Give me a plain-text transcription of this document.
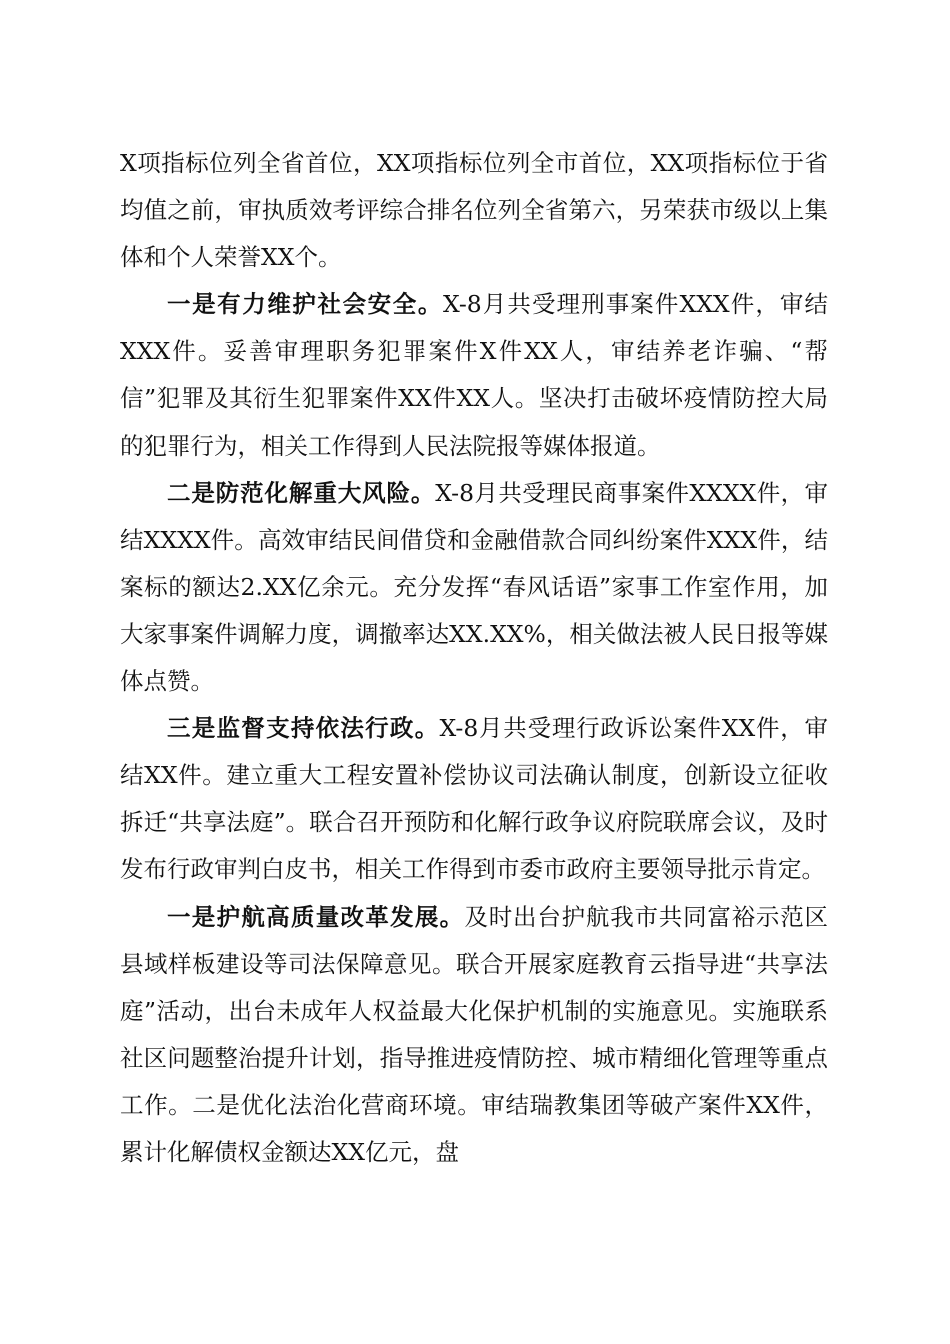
X项指标位列全省首位，XX项指标位列全市首位，XX项指标位于省均值之前，审执质效考评综合排名位列全省第六，另荣获市级以上集体和个人荣誉XX个。

一是有力维护社会安全。X-8月共受理刑事案件XXX件，审结XXX件。妥善审理职务犯罪案件X件XX人，审结养老诈骗、“帮信”犯罪及其衍生犯罪案件XX件XX人。坚决打击破坏疫情防控大局的犯罪行为，相关工作得到人民法院报等媒体报道。

二是防范化解重大风险。X-8月共受理民商事案件XXXX件，审结XXXX件。高效审结民间借贷和金融借款合同纠纷案件XXX件，结案标的额达2.XX亿余元。充分发挥“春风话语”家事工作室作用，加大家事案件调解力度，调撤率达XX.XX%，相关做法被人民日报等媒体点赞。

三是监督支持依法行政。X-8月共受理行政诉讼案件XX件，审结XX件。建立重大工程安置补偿协议司法确认制度，创新设立征收拆迁“共享法庭”。联合召开预防和化解行政争议府院联席会议，及时发布行政审判白皮书，相关工作得到市委市政府主要领导批示肯定。

一是护航高质量改革发展。及时出台护航我市共同富裕示范区县域样板建设等司法保障意见。联合开展家庭教育云指导进“共享法庭”活动，出台未成年人权益最大化保护机制的实施意见。实施联系社区问题整治提升计划，指导推进疫情防控、城市精细化管理等重点工作。二是优化法治化营商环境。审结瑞教集团等破产案件XX件，累计化解债权金额达XX亿元，盘
